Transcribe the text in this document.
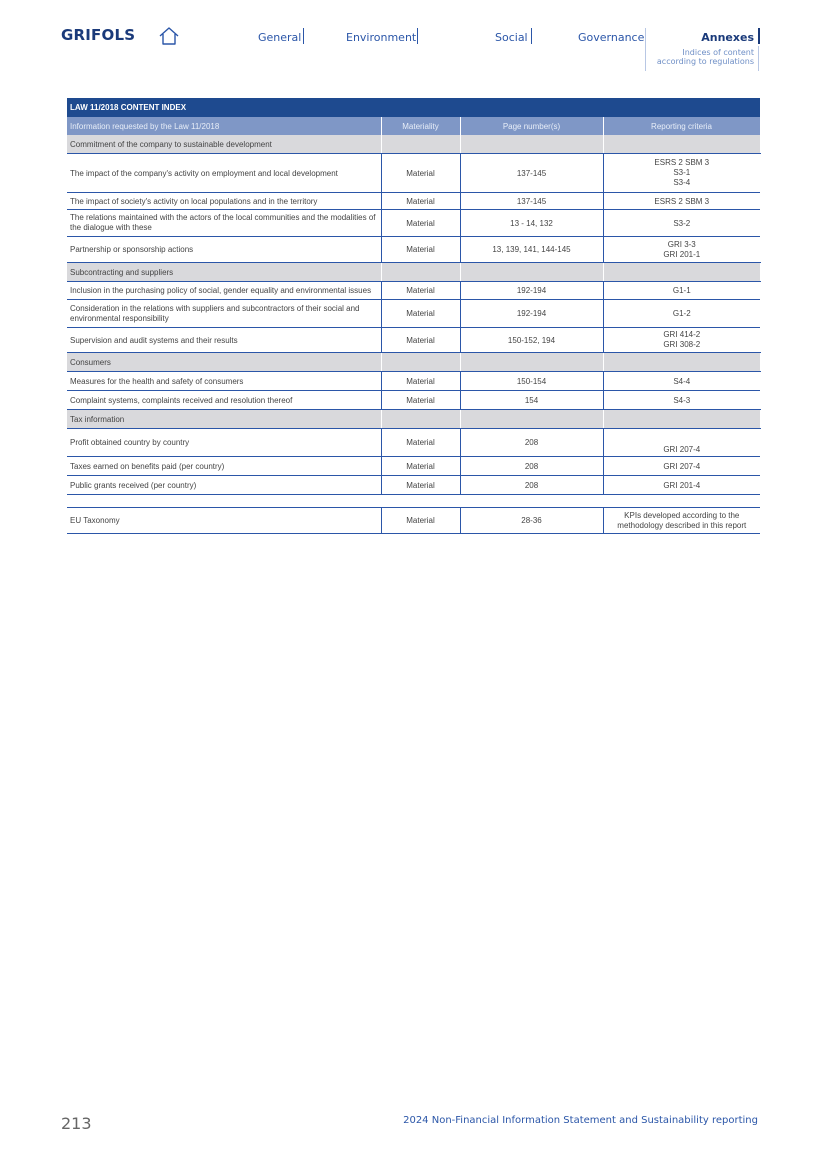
GRIFOLS	General	Environment	Social	Governance	Annexes
Indices of content
according to regulations
LAW 11/2018 CONTENT INDEX			
Information requested by the Law 11/2018	Materiality	Page number(s)	Reporting criteria
Commitment of the company to sustainable development			
The impact of the company's activity on employment and local development	Material	137-145	ESRS 2 SBM 3
S3-1
S3-4

The impact of society's activity on local populations and in the territory	Material	137-145	ESRS 2 SBM 3
The relations maintained with the actors of the local communities and the modalities of the dialogue with these	Material	13 - 14, 132	S3-2
Partnership or sponsorship actions	Material	13, 139, 141, 144-145	GRI 3-3
GRI 201-1

Subcontracting and suppliers			
Inclusion in the purchasing policy of social, gender equality and environmental issues	Material	192-194	G1-1
Consideration in the relations with suppliers and subcontractors of their social and environmental responsibility	Material	192-194	G1-2
Supervision and audit systems and their results	Material	150-152, 194	GRI 414-2
GRI 308-2

Consumers			
Measures for the health and safety of consumers	Material	150-154	S4-4
Complaint systems, complaints received and resolution thereof	Material	154	S4-3
Tax information			
Profit obtained country by country	Material	208	GRI 207-4
Taxes earned on benefits paid (per country)	Material	208	GRI 207-4
Public grants received (per country)	Material	208	GRI 201-4

EU Taxonomy	Material	28-36	KPIs developed according to the
methodology described in this report
213	2024 Non-Financial Information Statement and Sustainability reporting
